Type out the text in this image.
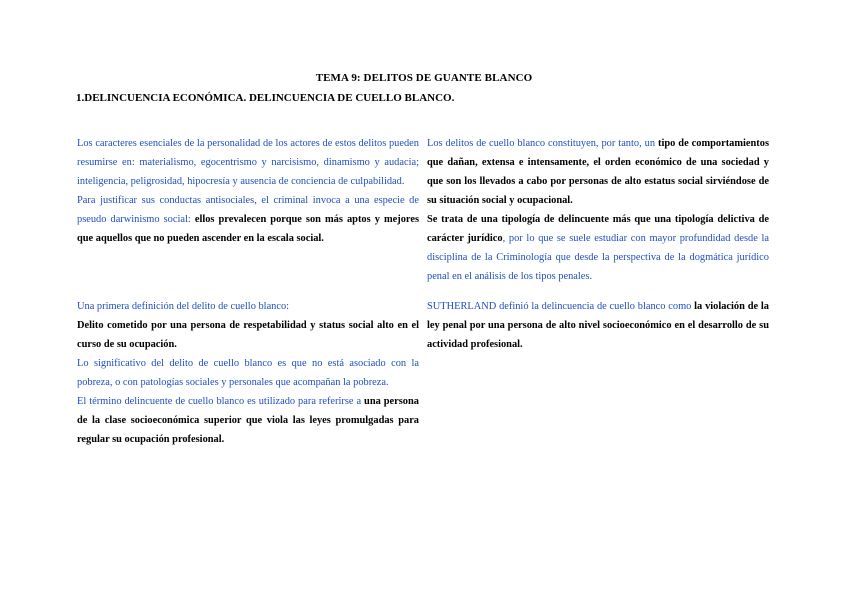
TEMA 9: DELITOS DE GUANTE BLANCO
1.DELINCUENCIA ECONÓMICA. DELINCUENCIA DE CUELLO BLANCO.

Los caracteres esenciales de la personalidad de los actores de estos delitos pueden resumirse en: materialismo, egocentrismo y narcisismo, dinamismo y audacia; inteligencia, peligrosidad, hipocresía y ausencia de conciencia de culpabilidad.

Para justificar sus conductas antisociales, el criminal invoca a una especie de pseudo darwinismo social: ellos prevalecen porque son más aptos y mejores que aquellos que no pueden ascender en la escala social.

Los delitos de cuello blanco constituyen, por tanto, un tipo de comportamientos que dañan, extensa e intensamente, el orden económico de una sociedad y que son los llevados a cabo por personas de alto estatus social sirviéndose de su situación social y ocupacional.

Se trata de una tipología de delincuente más que una tipología delictiva de carácter jurídico, por lo que se suele estudiar con mayor profundidad desde la disciplina de la Criminología que desde la perspectiva de la dogmática jurídico penal en el análisis de los tipos penales.

Una primera definición del delito de cuello blanco:

Delito cometido por una persona de respetabilidad y status social alto en el curso de su ocupación.

Lo significativo del delito de cuello blanco es que no está asociado con la pobreza, o con patologías sociales y personales que acompañan la pobreza.

El término delincuente de cuello blanco es utilizado para referirse a una persona de la clase socioeconómica superior que viola las leyes promulgadas para regular su ocupación profesional.

SUTHERLAND definió la delincuencia de cuello blanco como la violación de la ley penal por una persona de alto nivel socioeconómico en el desarrollo de su actividad profesional.
